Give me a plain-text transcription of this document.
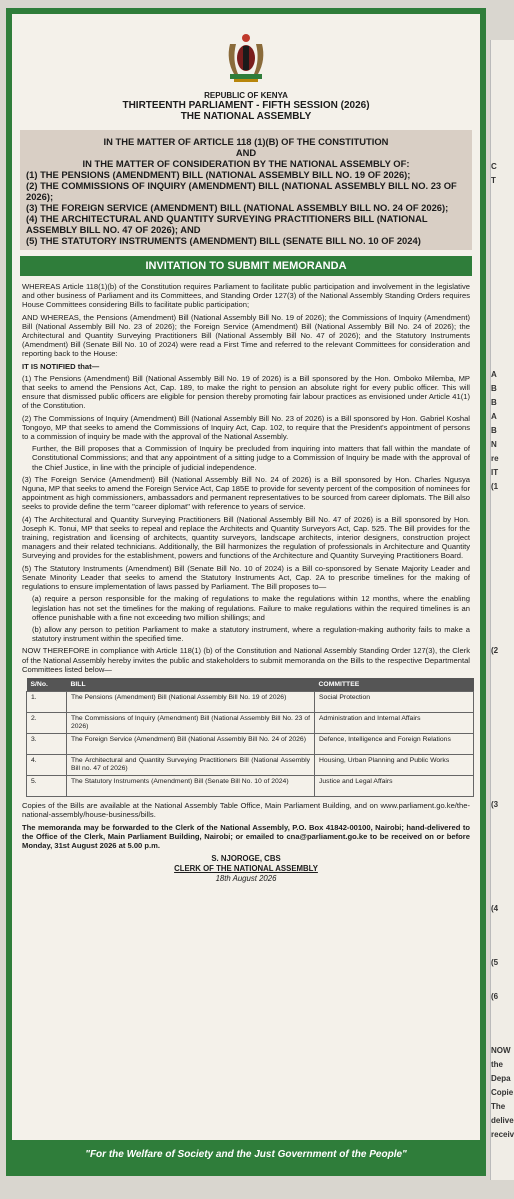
REPUBLIC OF KENYA
THIRTEENTH PARLIAMENT - FIFTH SESSION (2026)
THE NATIONAL ASSEMBLY
IN THE MATTER OF ARTICLE 118 (1)(B) OF THE CONSTITUTION
AND
IN THE MATTER OF CONSIDERATION BY THE NATIONAL ASSEMBLY OF:
(1) THE PENSIONS (AMENDMENT) BILL (NATIONAL ASSEMBLY BILL NO. 19 OF 2026);
(2) THE COMMISSIONS OF INQUIRY (AMENDMENT) BILL (NATIONAL ASSEMBLY BILL NO. 23 OF 2026);
(3) THE FOREIGN SERVICE (AMENDMENT) BILL (NATIONAL ASSEMBLY BILL NO. 24 OF 2026);
(4) THE ARCHITECTURAL AND QUANTITY SURVEYING PRACTITIONERS BILL (NATIONAL ASSEMBLY BILL NO. 47 OF 2026); AND
(5) THE STATUTORY INSTRUMENTS (AMENDMENT) BILL (SENATE BILL NO. 10 OF 2024)
INVITATION TO SUBMIT MEMORANDA

WHEREAS Article 118(1)(b) of the Constitution requires Parliament to facilitate public participation and involvement in the legislative and other business of Parliament and its Committees, and Standing Order 127(3) of the National Assembly Standing Orders requires House Committees considering Bills to facilitate public participation;

AND WHEREAS, the Pensions (Amendment) Bill (National Assembly Bill No. 19 of 2026); the Commissions of Inquiry (Amendment) Bill (National Assembly Bill No. 23 of 2026); the Foreign Service (Amendment) Bill (National Assembly Bill No. 24 of 2026); the Architectural and Quantity Surveying Practitioners Bill (National Assembly Bill No. 47 of 2026); and the Statutory Instruments (Amendment) Bill (Senate Bill No. 10 of 2024) were read a First Time and referred to the relevant Committees for consideration and reporting back to the House:

IT IS NOTIFIED that—

(1) The Pensions (Amendment) Bill (National Assembly Bill No. 19 of 2026) is a Bill sponsored by the Hon. Omboko Milemba, MP that seeks to amend the Pensions Act, Cap. 189, to make the right to pension an absolute right for every public officer. This will ensure that dismissed public officers are eligible for pension thereby promoting fair labour practices as envisioned under Article 41(1) of the Constitution.

(2) The Commissions of Inquiry (Amendment) Bill (National Assembly Bill No. 23 of 2026) is a Bill sponsored by Hon. Gabriel Koshal Tongoyo, MP that seeks to amend the Commissions of Inquiry Act, Cap. 102, to require that the President's appointment of persons to a commission of inquiry be made with the approval of the National Assembly.

Further, the Bill proposes that a Commission of Inquiry be precluded from inquiring into matters that fall within the mandate of Constitutional Commissions; and that any appointment of a sitting judge to a Commission of Inquiry be made with the approval of the Chief Justice, in line with the principle of judicial independence.

(3) The Foreign Service (Amendment) Bill (National Assembly Bill No. 24 of 2026) is a Bill sponsored by Hon. Charles Ngusya Nguna, MP that seeks to amend the Foreign Service Act, Cap 185E to provide for seventy percent of the composition of nominees for appointment as high commissioners, ambassadors and permanent representatives to be sourced from career diplomats. The Bill also seeks to provide define the term "career diplomat" with reference to years of service.

(4) The Architectural and Quantity Surveying Practitioners Bill (National Assembly Bill No. 47 of 2026) is a Bill sponsored by Hon. Joseph K. Tonui, MP that seeks to repeal and replace the Architects and Quantity Surveyors Act, Cap. 525. The Bill provides for the training, registration and licensing of architects, quantity surveyors, landscape architects, interior designers, construction project managers and their related technicians. Additionally, the Bill harmonizes the regulation of professionals in Architecture and Quantity Surveying and provides for the establishment, powers and functions of the Architecture and Quantity Surveying Practitioners Board.

(5) The Statutory Instruments (Amendment) Bill (Senate Bill No. 10 of 2024) is a Bill co-sponsored by Senate Majority Leader and Senate Minority Leader that seeks to amend the Statutory Instruments Act, Cap. 2A to prescribe timelines for the making of regulations to ensure implementation of laws passed by Parliament. The Bill proposes to—

(a) require a person responsible for the making of regulations to make the regulations within 12 months, where the enabling legislation has not set the timelines for the making of regulations. Failure to make regulations within the required timelines is an offence punishable with a fine not exceeding two million shillings; and

(b) allow any person to petition Parliament to make a statutory instrument, where a regulation-making authority fails to make a statutory instrument within the specified time.

NOW THEREFORE in compliance with Article 118(1) (b) of the Constitution and National Assembly Standing Order 127(3), the Clerk of the National Assembly hereby invites the public and stakeholders to submit memoranda on the Bills to the respective Departmental Committees listed below—

S/No.	BILL	COMMITTEE
1.	The Pensions (Amendment) Bill (National Assembly Bill No. 19 of 2026)	Social Protection
2.	The Commissions of Inquiry (Amendment) Bill (National Assembly Bill No. 23 of 2026)	Administration and Internal Affairs
3.	The Foreign Service (Amendment) Bill (National Assembly Bill No. 24 of 2026)	Defence, Intelligence and Foreign Relations
4.	The Architectural and Quantity Surveying Practitioners Bill (National Assembly Bill no. 47 of 2026)	Housing, Urban Planning and Public Works
5.	The Statutory Instruments (Amendment) Bill (Senate Bill No. 10 of 2024)	Justice and Legal Affairs

Copies of the Bills are available at the National Assembly Table Office, Main Parliament Building, and on www.parliament.go.ke/the-national-assembly/house-business/bills.

The memoranda may be forwarded to the Clerk of the National Assembly, P.O. Box 41842-00100, Nairobi; hand-delivered to the Office of the Clerk, Main Parliament Building, Nairobi; or emailed to cna@parliament.go.ke to be received on or before Monday, 31st August 2026 at 5.00 p.m.

S. NJOROGE, CBS
CLERK OF THE NATIONAL ASSEMBLY
18th August 2026
"For the Welfare of Society and the Just Government of the People"
C
T
A
B
B
A
B
N
re
IT
(1
(2
(3
(4
(5
(6
NOW
the
Depa
Copie
The
delive
receiv
